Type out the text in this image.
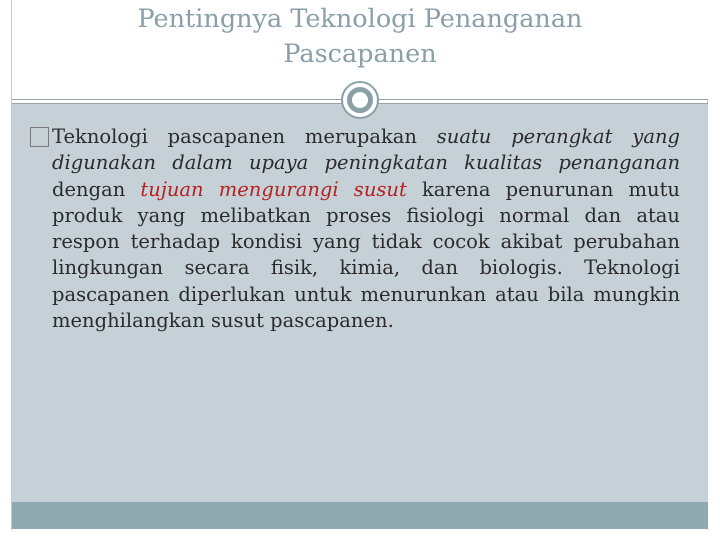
Pentingnya Teknologi Penanganan
Pascapanen
Teknologi pascapanen merupakan suatu perangkat yang digunakan dalam upaya peningkatan kualitas penanganan dengan tujuan mengurangi susut karena penurunan mutu produk yang melibatkan proses fisiologi normal dan atau respon terhadap kondisi yang tidak cocok akibat perubahan lingkungan secara fisik, kimia, dan biologis. Teknologi pascapanen diperlukan untuk menurunkan atau bila mungkin menghilangkan susut pascapanen.
